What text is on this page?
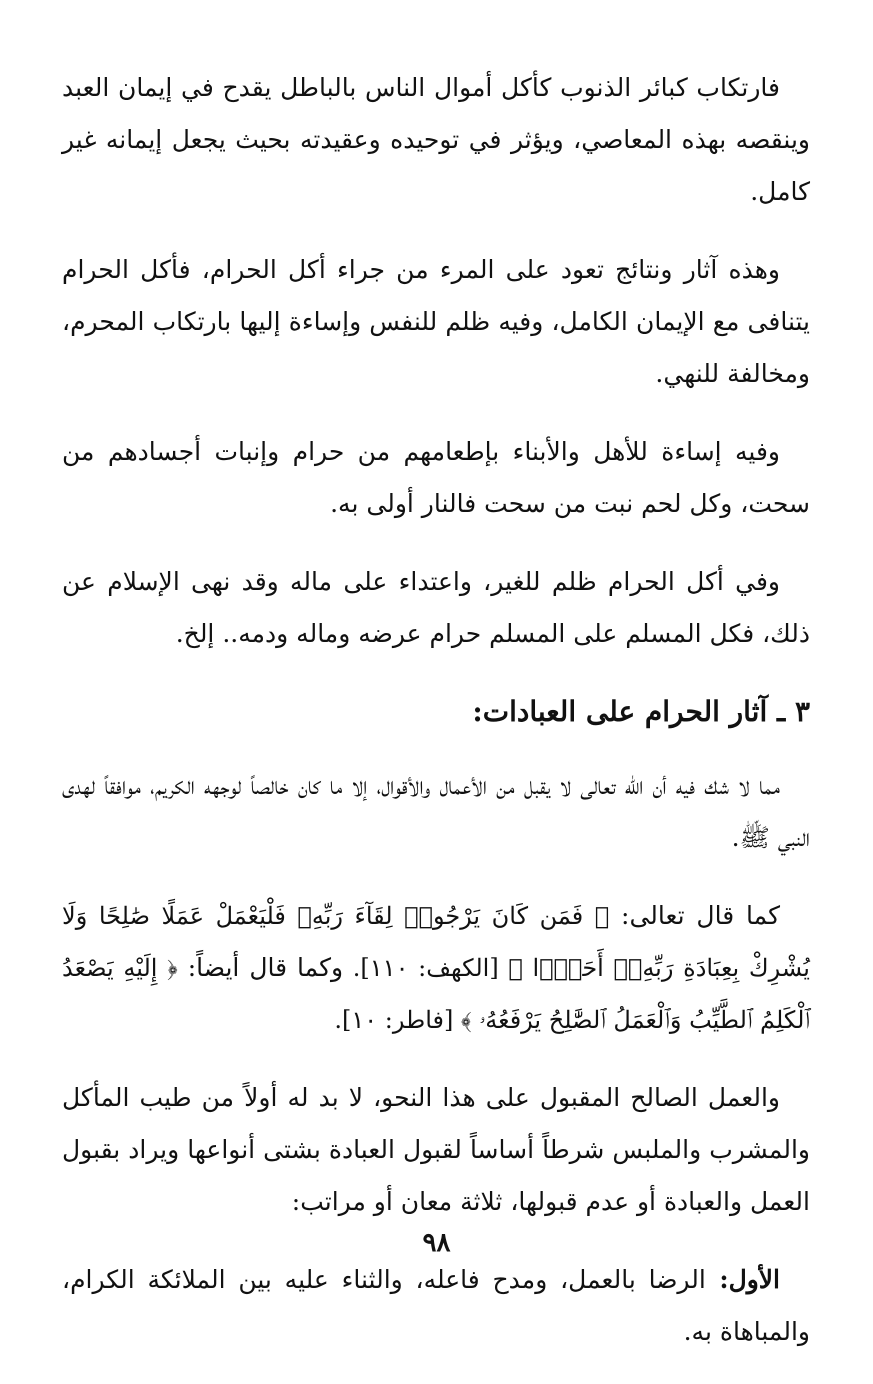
فارتكاب كبائر الذنوب كأكل أموال الناس بالباطل يقدح في إيمان العبد وينقصه بهذه المعاصي، ويؤثر في توحيده وعقيدته بحيث يجعل إيمانه غير كامل.

وهذه آثار ونتائج تعود على المرء من جراء أكل الحرام، فأكل الحرام يتنافى مع الإيمان الكامل، وفيه ظلم للنفس وإساءة إليها بارتكاب المحرم، ومخالفة للنهي.

وفيه إساءة للأهل والأبناء بإطعامهم من حرام وإنبات أجسادهم من سحت، وكل لحم نبت من سحت فالنار أولى به.

وفي أكل الحرام ظلم للغير، واعتداء على ماله وقد نهى الإسلام عن ذلك، فكل المسلم على المسلم حرام عرضه وماله ودمه.. إلخ.

٣ ـ آثار الحرام على العبادات:

مما لا شك فيه أن الله تعالى لا يقبل من الأعمال والأقوال، إلا ما كان خالصاً لوجهه الكريم، موافقاً لهدى النبي ﷺ.

كما قال تعالى: ﴿ فَمَن كَانَ يَرْجُوا۟ لِقَآءَ رَبِّهِۦ فَلْيَعْمَلْ عَمَلًا صَٰلِحًا وَلَا يُشْرِكْ بِعِبَادَةِ رَبِّهِۦٓ أَحَدًۢا ﴾ [الكهف: ١١٠]. وكما قال أيضاً: ﴿ إِلَيْهِ يَصْعَدُ ٱلْكَلِمُ ٱلطَّيِّبُ وَٱلْعَمَلُ ٱلصَّٰلِحُ يَرْفَعُهُۥ ﴾ [فاطر: ١٠].

والعمل الصالح المقبول على هذا النحو، لا بد له أولاً من طيب المأكل والمشرب والملبس شرطاً أساساً لقبول العبادة بشتى أنواعها ويراد بقبول العمل والعبادة أو عدم قبولها، ثلاثة معان أو مراتب:

الأول: الرضا بالعمل، ومدح فاعله، والثناء عليه بين الملائكة الكرام، والمباهاة به.

٩٨
